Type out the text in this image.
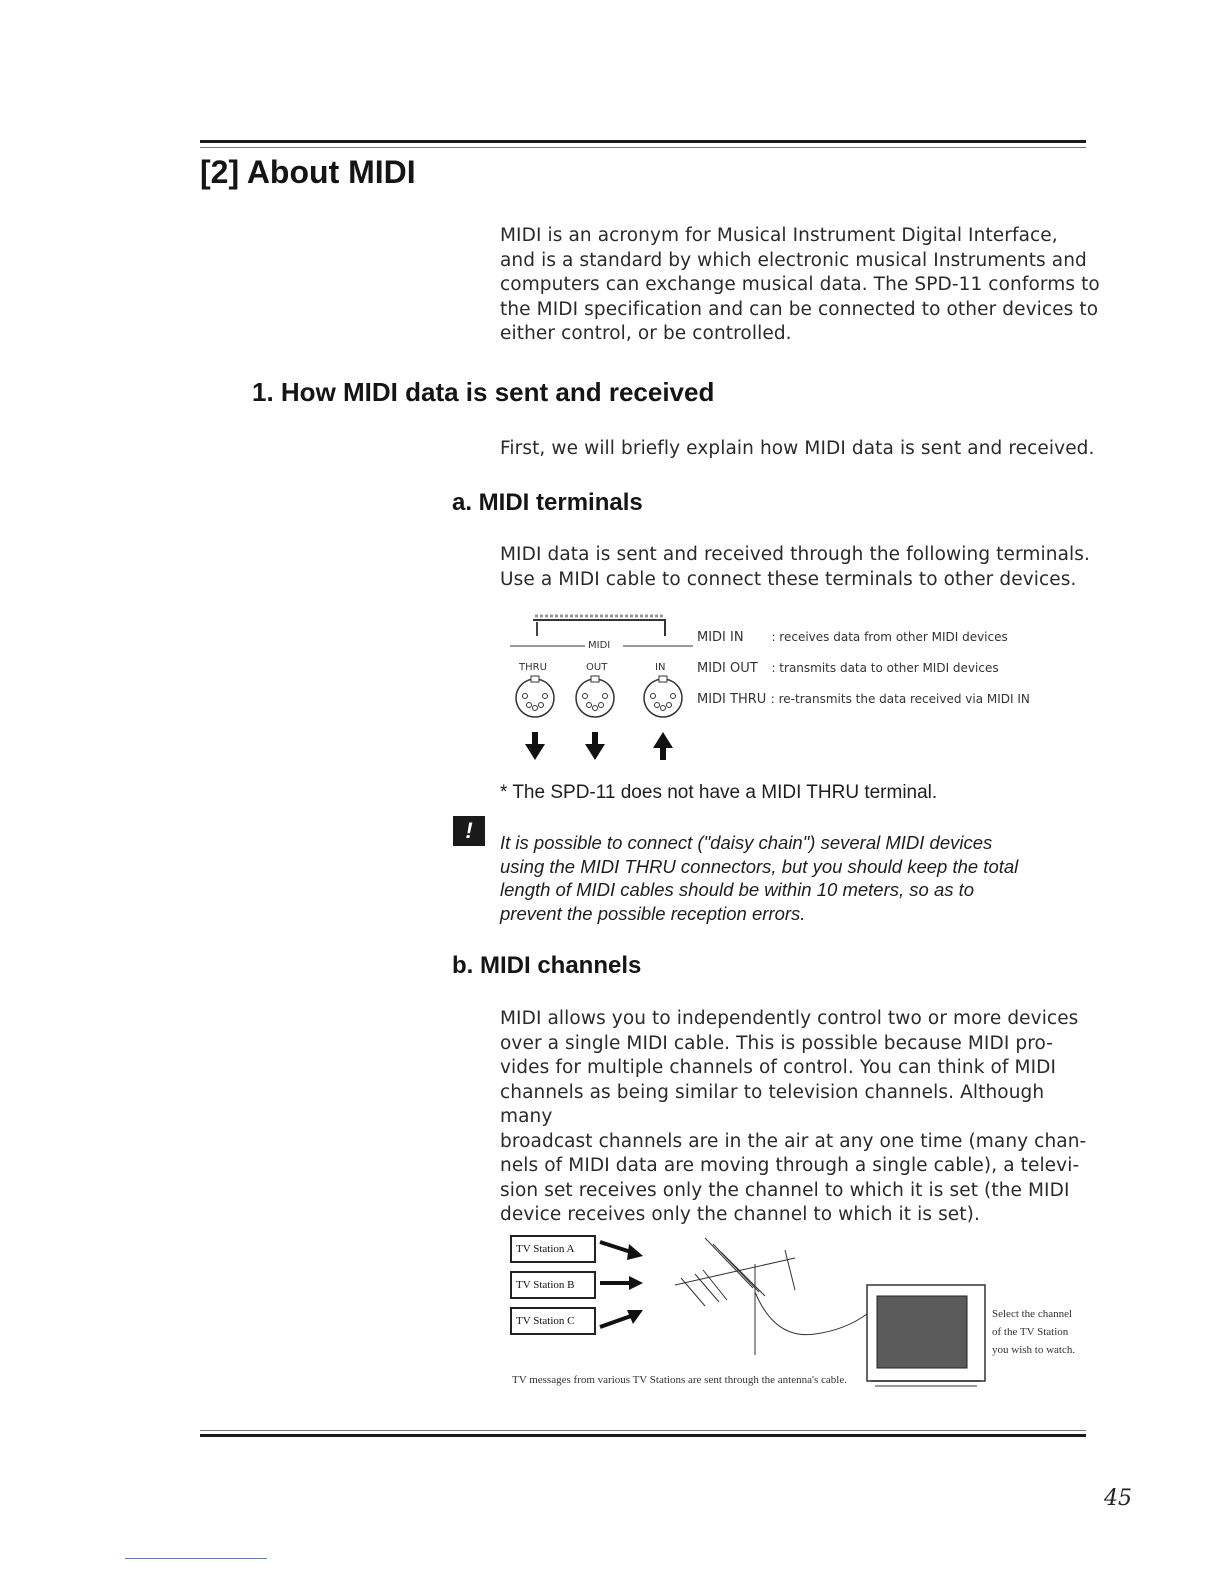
[2] About MIDI

MIDI is an acronym for Musical Instrument Digital Interface,

and is a standard by which electronic musical Instruments and

computers can exchange musical data. The SPD-11 conforms to

the MIDI specification and can be connected to other devices to

either control, or be controlled.

1. How MIDI data is sent and received

First, we will briefly explain how MIDI data is sent and received.

a. MIDI terminals

MIDI data is sent and received through the following terminals.

Use a MIDI cable to connect these terminals to other devices.

MIDI
THRU	OUT	IN
MIDI IN : receives data from other MIDI devices
MIDI OUT : transmits data to other MIDI devices
MIDI THRU : re-transmits the data received via MIDI IN

* The SPD-11 does not have a MIDI THRU terminal.

!	It is possible to connect ("daisy chain") several MIDI devices

using the MIDI THRU connectors, but you should keep the total

length of MIDI cables should be within 10 meters, so as to

prevent the possible reception errors.

b. MIDI channels

MIDI allows you to independently control two or more devices

over a single MIDI cable. This is possible because MIDI pro-

vides for multiple channels of control. You can think of MIDI

channels as being similar to television channels. Although many

broadcast channels are in the air at any one time (many chan-

nels of MIDI data are moving through a single cable), a televi-

sion set receives only the channel to which it is set (the MIDI

device receives only the channel to which it is set).

TV Station A
TV Station B
TV Station C

TV messages from various TV Stations are sent through the antenna's cable.

Select the channel

of the TV Station

you wish to watch.

45
